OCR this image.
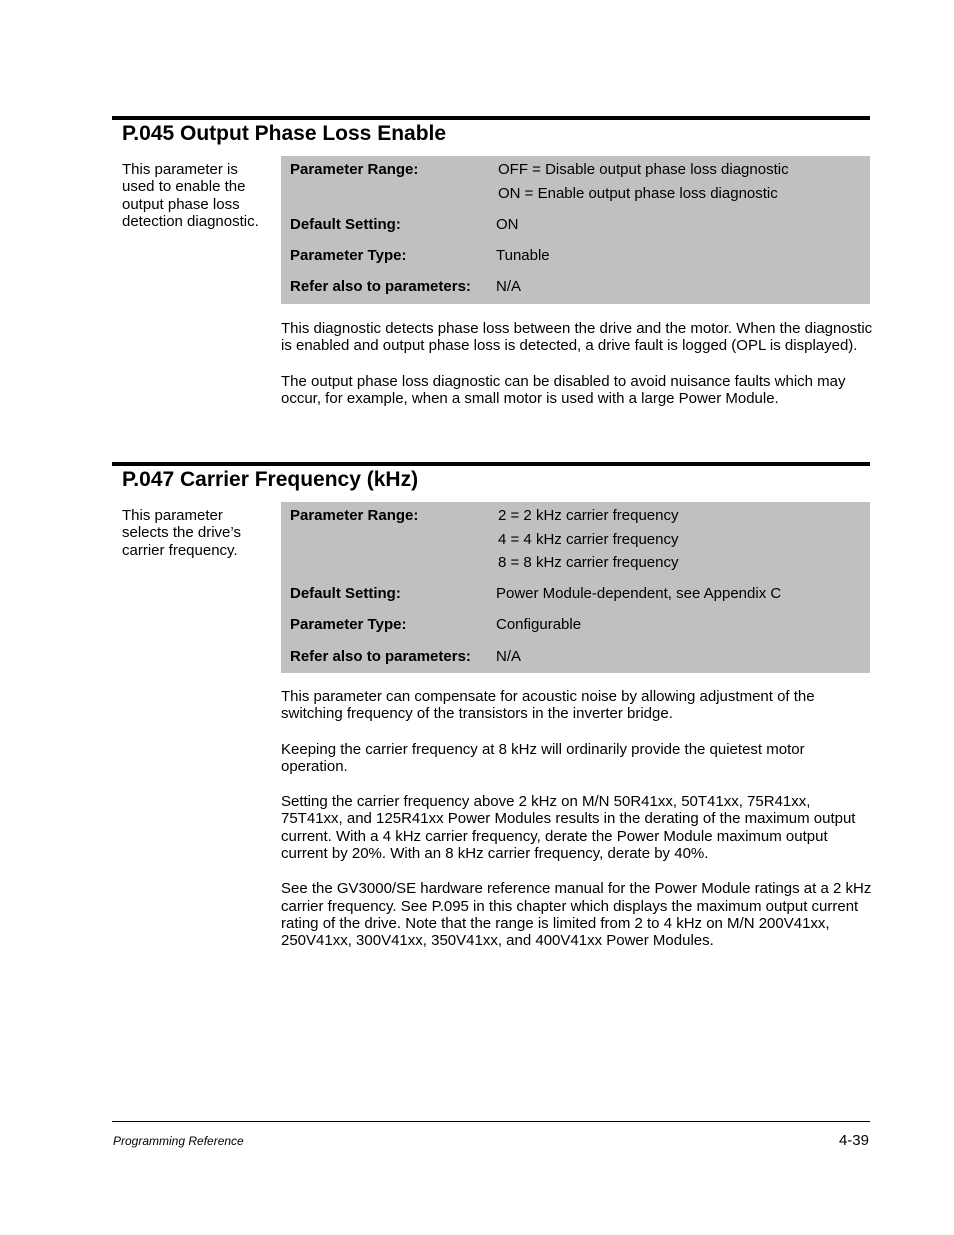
P.045 Output Phase Loss Enable
This parameter is used to enable the output phase loss detection diagnostic.
Parameter Range:	OFF = Disable output phase loss diagnostic
ON = Enable output phase loss diagnostic
Default Setting:	ON
Parameter Type:	Tunable
Refer also to parameters: N/A

This diagnostic detects phase loss between the drive and the motor. When the diagnostic is enabled and output phase loss is detected, a drive fault is logged (OPL is displayed).

The output phase loss diagnostic can be disabled to avoid nuisance faults which may occur, for example, when a small motor is used with a large Power Module.

P.047 Carrier Frequency (kHz)
This parameter selects the drive’s carrier frequency.
Parameter Range:	2 = 2 kHz carrier frequency
4 = 4 kHz carrier frequency
8 = 8 kHz carrier frequency
Default Setting:	Power Module-dependent, see Appendix C
Parameter Type:	Configurable
Refer also to parameters: N/A

This parameter can compensate for acoustic noise by allowing adjustment of the switching frequency of the transistors in the inverter bridge.

Keeping the carrier frequency at 8 kHz will ordinarily provide the quietest motor operation.

Setting the carrier frequency above 2 kHz on M/N 50R41xx, 50T41xx, 75R41xx, 75T41xx, and 125R41xx Power Modules results in the derating of the maximum output current. With a 4 kHz carrier frequency, derate the Power Module maximum output current by 20%. With an 8 kHz carrier frequency, derate by 40%.

See the GV3000/SE hardware reference manual for the Power Module ratings at a 2 kHz carrier frequency. See P.095 in this chapter which displays the maximum output current rating of the drive. Note that the range is limited from 2 to 4 kHz on M/N 200V41xx, 250V41xx, 300V41xx, 350V41xx, and 400V41xx Power Modules.

Programming Reference	4-39
